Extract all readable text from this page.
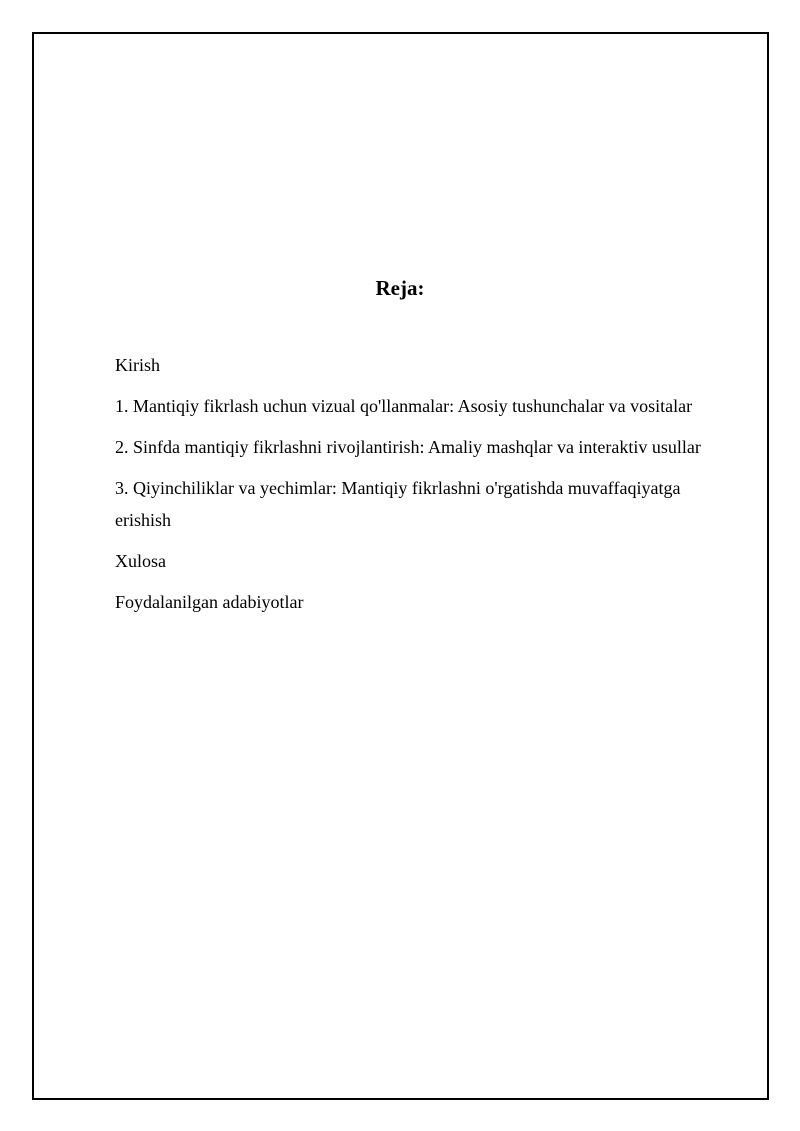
Reja:
Kirish
1. Mantiqiy fikrlash uchun vizual qo'llanmalar: Asosiy tushunchalar va vositalar
2. Sinfda mantiqiy fikrlashni rivojlantirish: Amaliy mashqlar va interaktiv usullar
3. Qiyinchiliklar va yechimlar: Mantiqiy fikrlashni o'rgatishda muvaffaqiyatga erishish
Xulosa
Foydalanilgan adabiyotlar
